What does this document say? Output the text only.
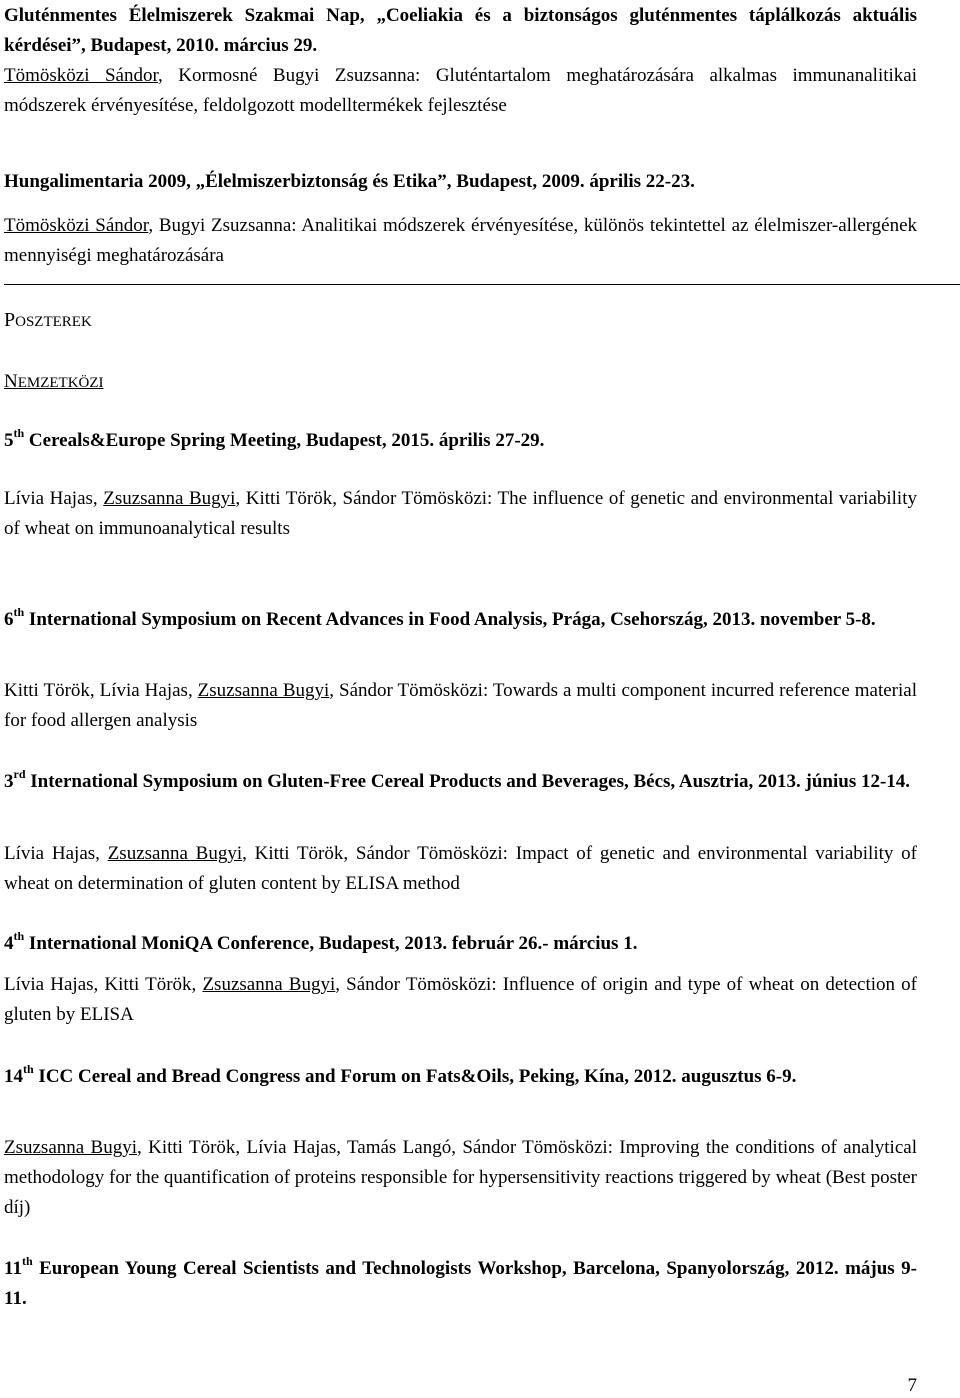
Gluténmentes Élelmiszerek Szakmai Nap, „Coeliakia és a biztonságos gluténmentes táplálkozás aktuális kérdései”, Budapest, 2010. március 29.
Tömösközi Sándor, Kormosné Bugyi Zsuzsanna: Gluténtartalom meghatározására alkalmas immunanalitikai módszerek érvényesítése, feldolgozott modelltermékek fejlesztése
Hungalimentaria 2009, „Élelmiszerbiztonság és Etika”, Budapest, 2009. április 22-23.
Tömösközi Sándor, Bugyi Zsuzsanna: Analitikai módszerek érvényesítése, különös tekintettel az élelmiszer-allergének mennyiségi meghatározására
POSZTEREK
NEMZETKÖZI
5th Cereals&Europe Spring Meeting, Budapest, 2015. április 27-29.
Lívia Hajas, Zsuzsanna Bugyi, Kitti Török, Sándor Tömösközi: The influence of genetic and environmental variability of wheat on immunoanalytical results
6th International Symposium on Recent Advances in Food Analysis, Prága, Csehország, 2013. november 5-8.
Kitti Török, Lívia Hajas, Zsuzsanna Bugyi, Sándor Tömösközi: Towards a multi component incurred reference material for food allergen analysis
3rd International Symposium on Gluten-Free Cereal Products and Beverages, Bécs, Ausztria, 2013. június 12-14.
Lívia Hajas, Zsuzsanna Bugyi, Kitti Török, Sándor Tömösközi: Impact of genetic and environmental variability of wheat on determination of gluten content by ELISA method
4th International MoniQA Conference, Budapest, 2013. február 26.- március 1.
Lívia Hajas, Kitti Török, Zsuzsanna Bugyi, Sándor Tömösközi: Influence of origin and type of wheat on detection of gluten by ELISA
14th ICC Cereal and Bread Congress and Forum on Fats&Oils, Peking, Kína, 2012. augusztus 6-9.
Zsuzsanna Bugyi, Kitti Török, Lívia Hajas, Tamás Langó, Sándor Tömösközi: Improving the conditions of analytical methodology for the quantification of proteins responsible for hypersensitivity reactions triggered by wheat (Best poster díj)
11th European Young Cereal Scientists and Technologists Workshop, Barcelona, Spanyolország, 2012. május 9-11.
7
